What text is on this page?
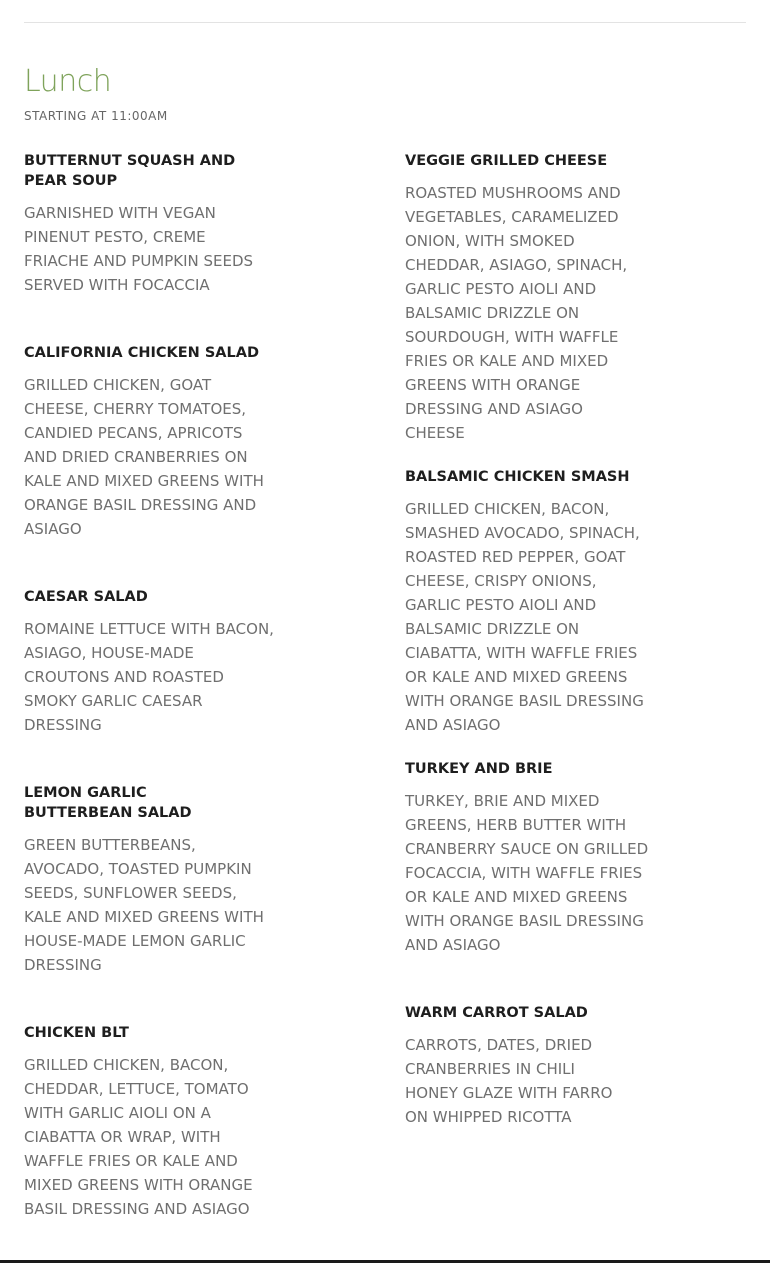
Lunch
STARTING AT 11:00AM
BUTTERNUT SQUASH AND PEAR SOUP

GARNISHED WITH VEGAN PINENUT PESTO, CREME FRIACHE AND PUMPKIN SEEDS SERVED WITH FOCACCIA

CALIFORNIA CHICKEN SALAD

GRILLED CHICKEN, GOAT CHEESE, CHERRY TOMATOES, CANDIED PECANS, APRICOTS AND DRIED CRANBERRIES ON KALE AND MIXED GREENS WITH ORANGE BASIL DRESSING AND ASIAGO

CAESAR SALAD

ROMAINE LETTUCE WITH BACON, ASIAGO, HOUSE-MADE CROUTONS AND ROASTED SMOKY GARLIC CAESAR DRESSING

LEMON GARLIC BUTTERBEAN SALAD

GREEN BUTTERBEANS, AVOCADO, TOASTED PUMPKIN SEEDS, SUNFLOWER SEEDS, KALE AND MIXED GREENS WITH HOUSE-MADE LEMON GARLIC DRESSING

CHICKEN BLT

GRILLED CHICKEN, BACON, CHEDDAR, LETTUCE, TOMATO WITH GARLIC AIOLI ON A CIABATTA OR WRAP, WITH WAFFLE FRIES OR KALE AND MIXED GREENS WITH ORANGE BASIL DRESSING AND ASIAGO

VEGGIE GRILLED CHEESE

ROASTED MUSHROOMS AND VEGETABLES, CARAMELIZED ONION, WITH SMOKED CHEDDAR, ASIAGO, SPINACH, GARLIC PESTO AIOLI AND BALSAMIC DRIZZLE ON SOURDOUGH, WITH WAFFLE FRIES OR KALE AND MIXED GREENS WITH ORANGE DRESSING AND ASIAGO CHEESE

BALSAMIC CHICKEN SMASH

GRILLED CHICKEN, BACON, SMASHED AVOCADO, SPINACH, ROASTED RED PEPPER, GOAT CHEESE, CRISPY ONIONS, GARLIC PESTO AIOLI AND BALSAMIC DRIZZLE ON CIABATTA, WITH WAFFLE FRIES OR KALE AND MIXED GREENS WITH ORANGE BASIL DRESSING AND ASIAGO

TURKEY AND BRIE

TURKEY, BRIE AND MIXED GREENS, HERB BUTTER WITH CRANBERRY SAUCE ON GRILLED FOCACCIA, WITH WAFFLE FRIES OR KALE AND MIXED GREENS WITH ORANGE BASIL DRESSING AND ASIAGO

WARM CARROT SALAD

CARROTS, DATES, DRIED CRANBERRIES IN CHILI HONEY GLAZE WITH FARRO ON WHIPPED RICOTTA
